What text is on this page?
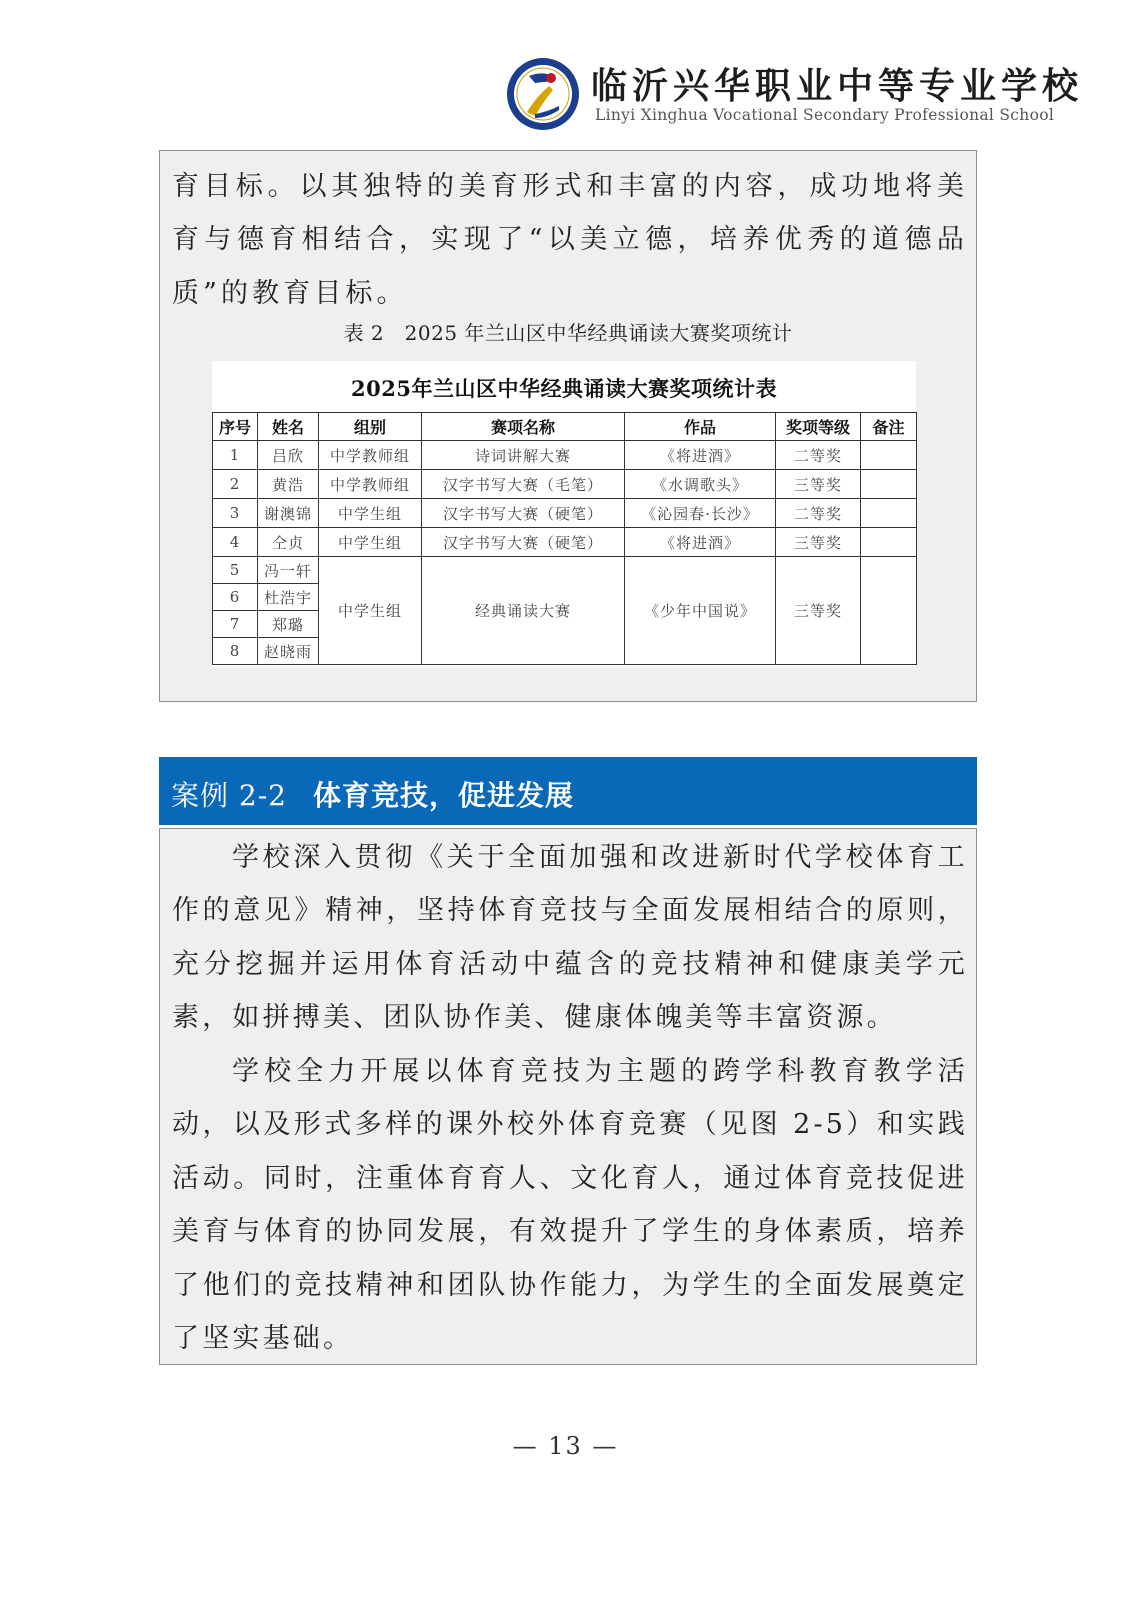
临沂兴华职业中等专业学校
Linyi Xinghua Vocational Secondary Professional School

育目标。以其独特的美育形式和丰富的内容，成功地将美育与德育相结合，实现了“以美立德，培养优秀的道德品质”的教育目标。

表 2　2025 年兰山区中华经典诵读大赛奖项统计
2025年兰山区中华经典诵读大赛奖项统计表
序号	姓名	组别	赛项名称	作品	奖项等级	备注
1	吕欣	中学教师组	诗词讲解大赛	《将进酒》	二等奖	
2	黄浩	中学教师组	汉字书写大赛（毛笔）	《水调歌头》	三等奖	
3	谢澳锦	中学生组	汉字书写大赛（硬笔）	《沁园春·长沙》	二等奖	
4	仝贞	中学生组	汉字书写大赛（硬笔）	《将进酒》	三等奖	
5	冯一轩	中学生组	经典诵读大赛	《少年中国说》	三等奖	
6	杜浩宇					
7	郑璐					
8	赵晓雨					
案例 2-2 体育竞技，促进发展

学校深入贯彻《关于全面加强和改进新时代学校体育工作的意见》精神，坚持体育竞技与全面发展相结合的原则，充分挖掘并运用体育活动中蕴含的竞技精神和健康美学元素，如拼搏美、团队协作美、健康体魄美等丰富资源。

学校全力开展以体育竞技为主题的跨学科教育教学活动，以及形式多样的课外校外体育竞赛（见图 2-5）和实践活动。同时，注重体育育人、文化育人，通过体育竞技促进美育与体育的协同发展，有效提升了学生的身体素质，培养了他们的竞技精神和团队协作能力，为学生的全面发展奠定了坚实基础。

— 13 —
